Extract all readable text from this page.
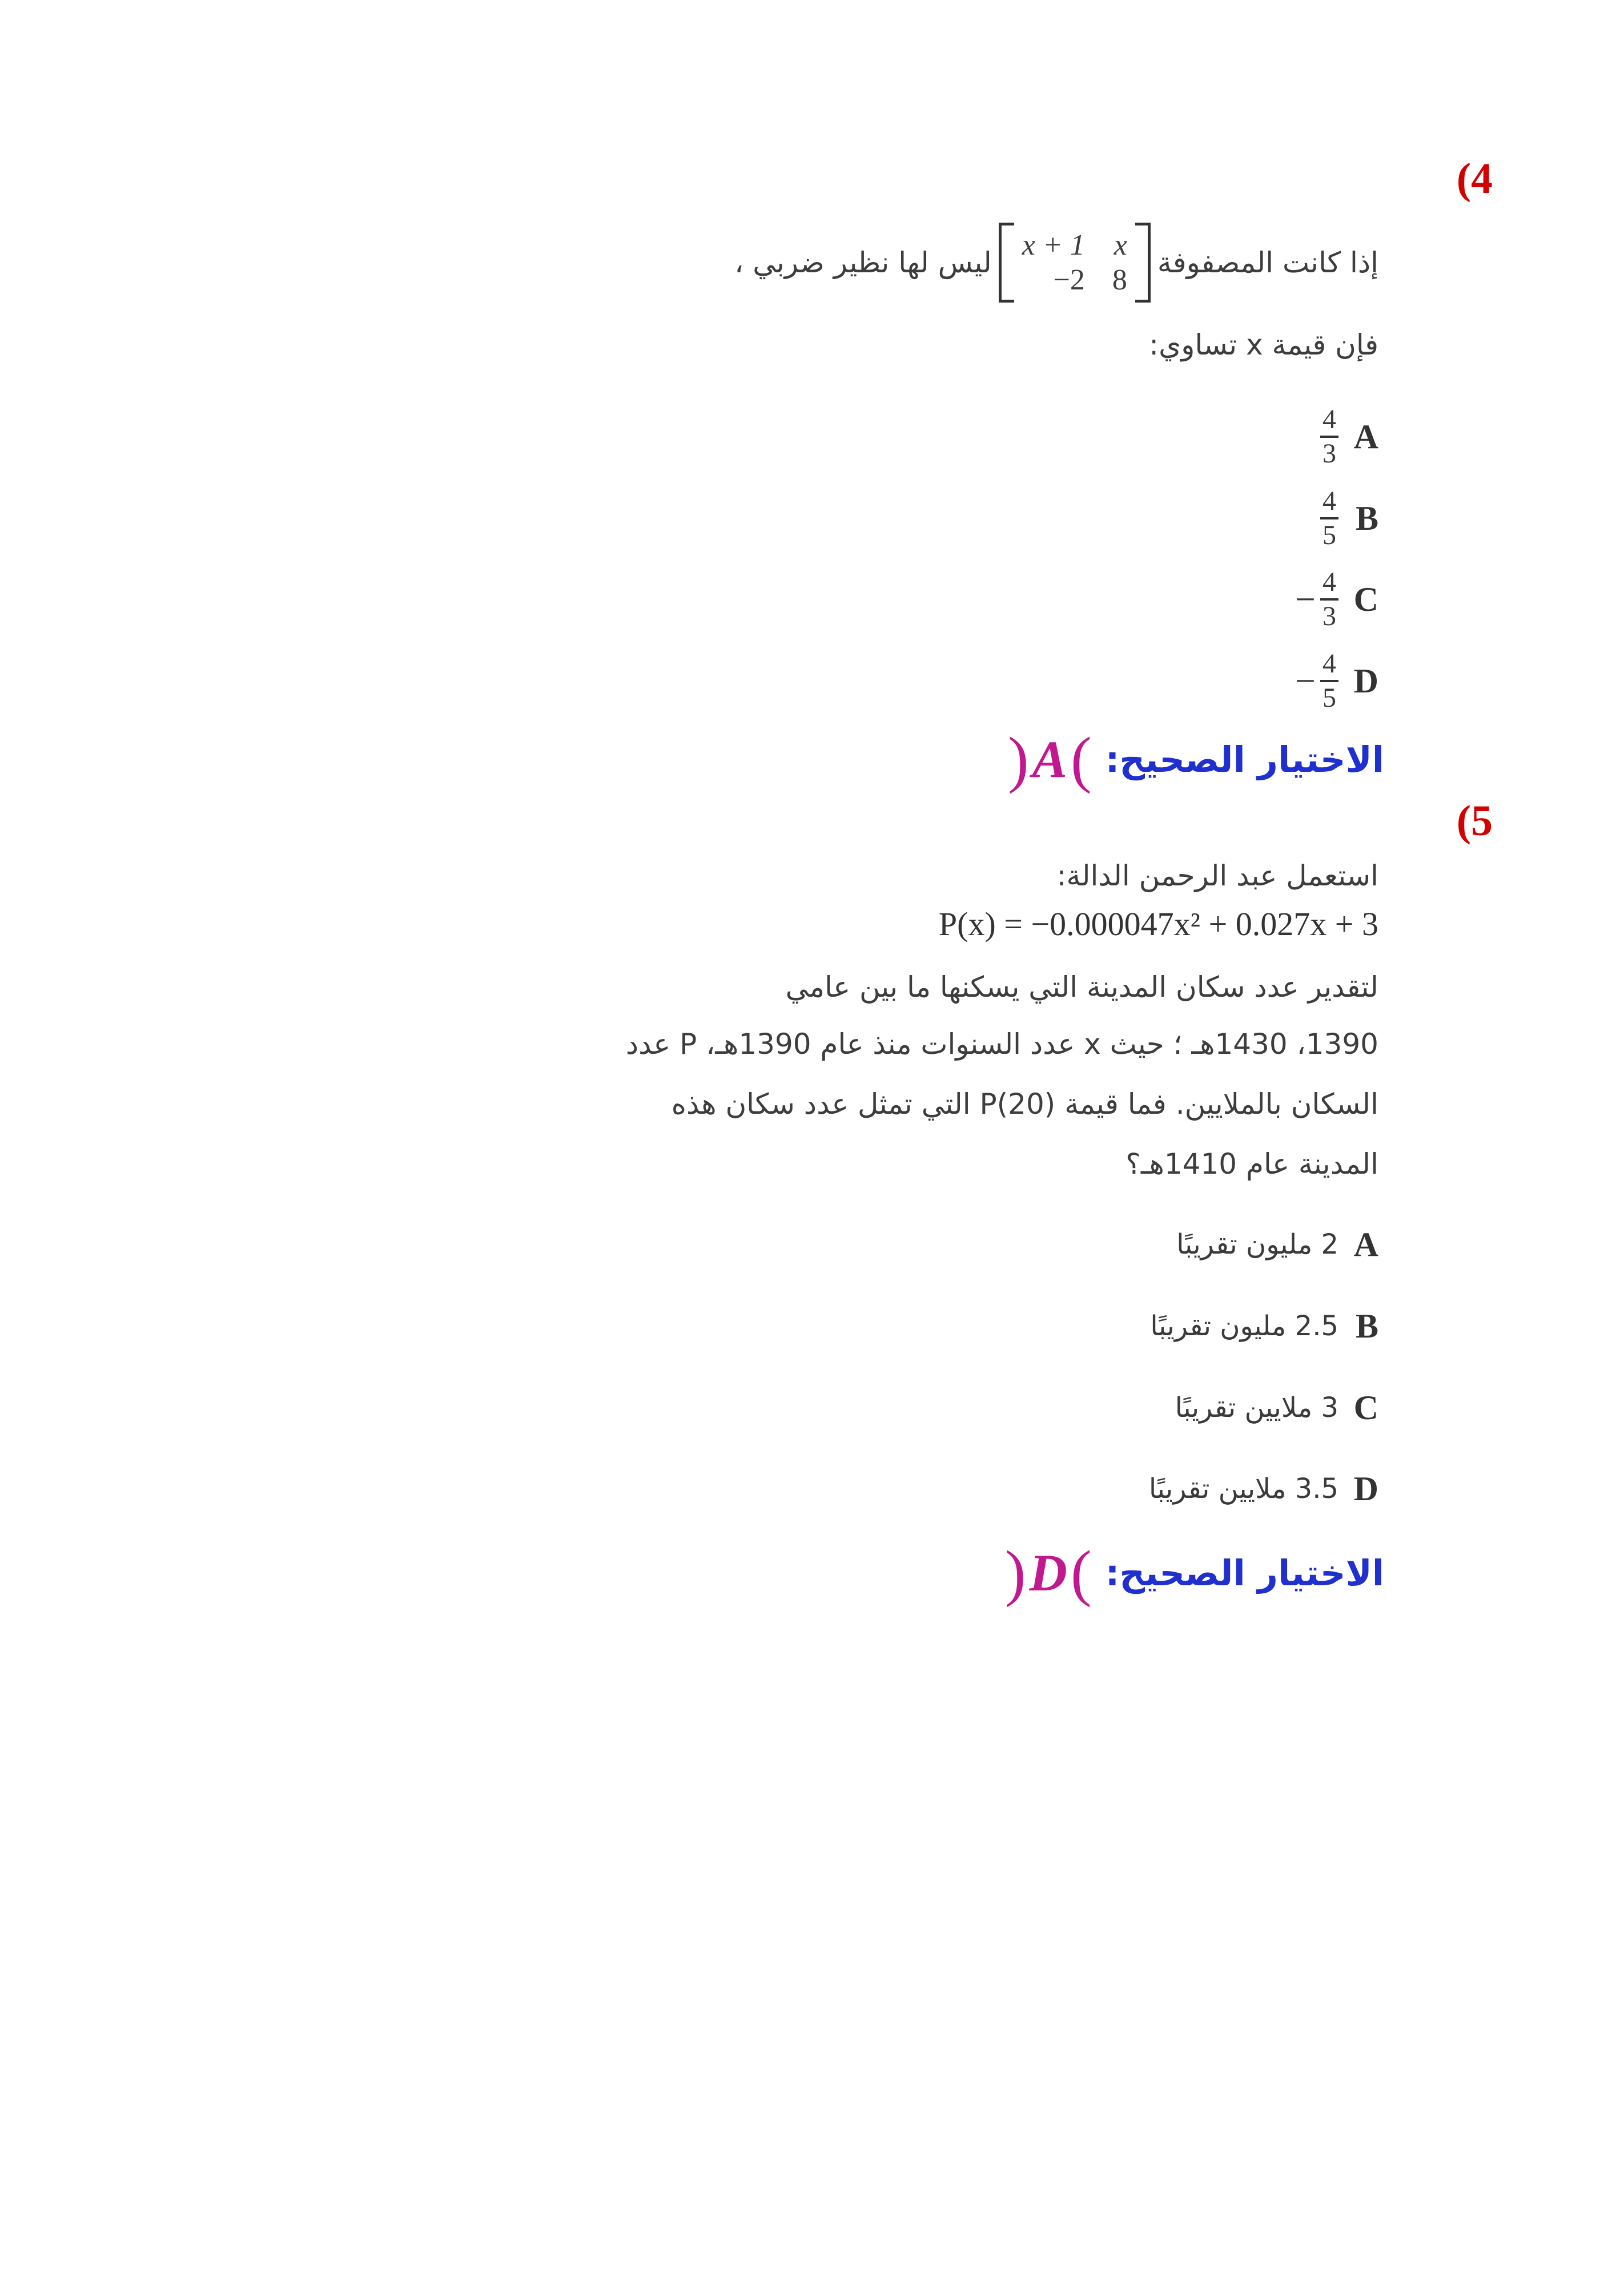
(4
إذا كانت المصفوفة
x + 1 x
−2 8
ليس لها نظير ضربي ،
فإن قيمة x تساوي:
$\frac{4}{3}$ A
$\frac{4}{5}$ B
− $\frac{4}{3}$ C
− $\frac{4}{5}$ D
الاختيار الصحيح:
)
A
(
(5
استعمل عبد الرحمن الدالة:
P(x) = −0.000047x² + 0.027x + 3
لتقدير عدد سكان المدينة التي يسكنها ما بين عامي
1390، 1430هـ ؛ حيث x عدد السنوات منذ عام 1390هـ، P عدد
السكان بالملايين. فما قيمة P(20) التي تمثل عدد سكان هذه
المدينة عام 1410هـ؟
2 مليون تقريبًا A
2.5 مليون تقريبًا B
3 ملايين تقريبًا C
3.5 ملايين تقريبًا D
الاختيار الصحيح:
)
D
(
